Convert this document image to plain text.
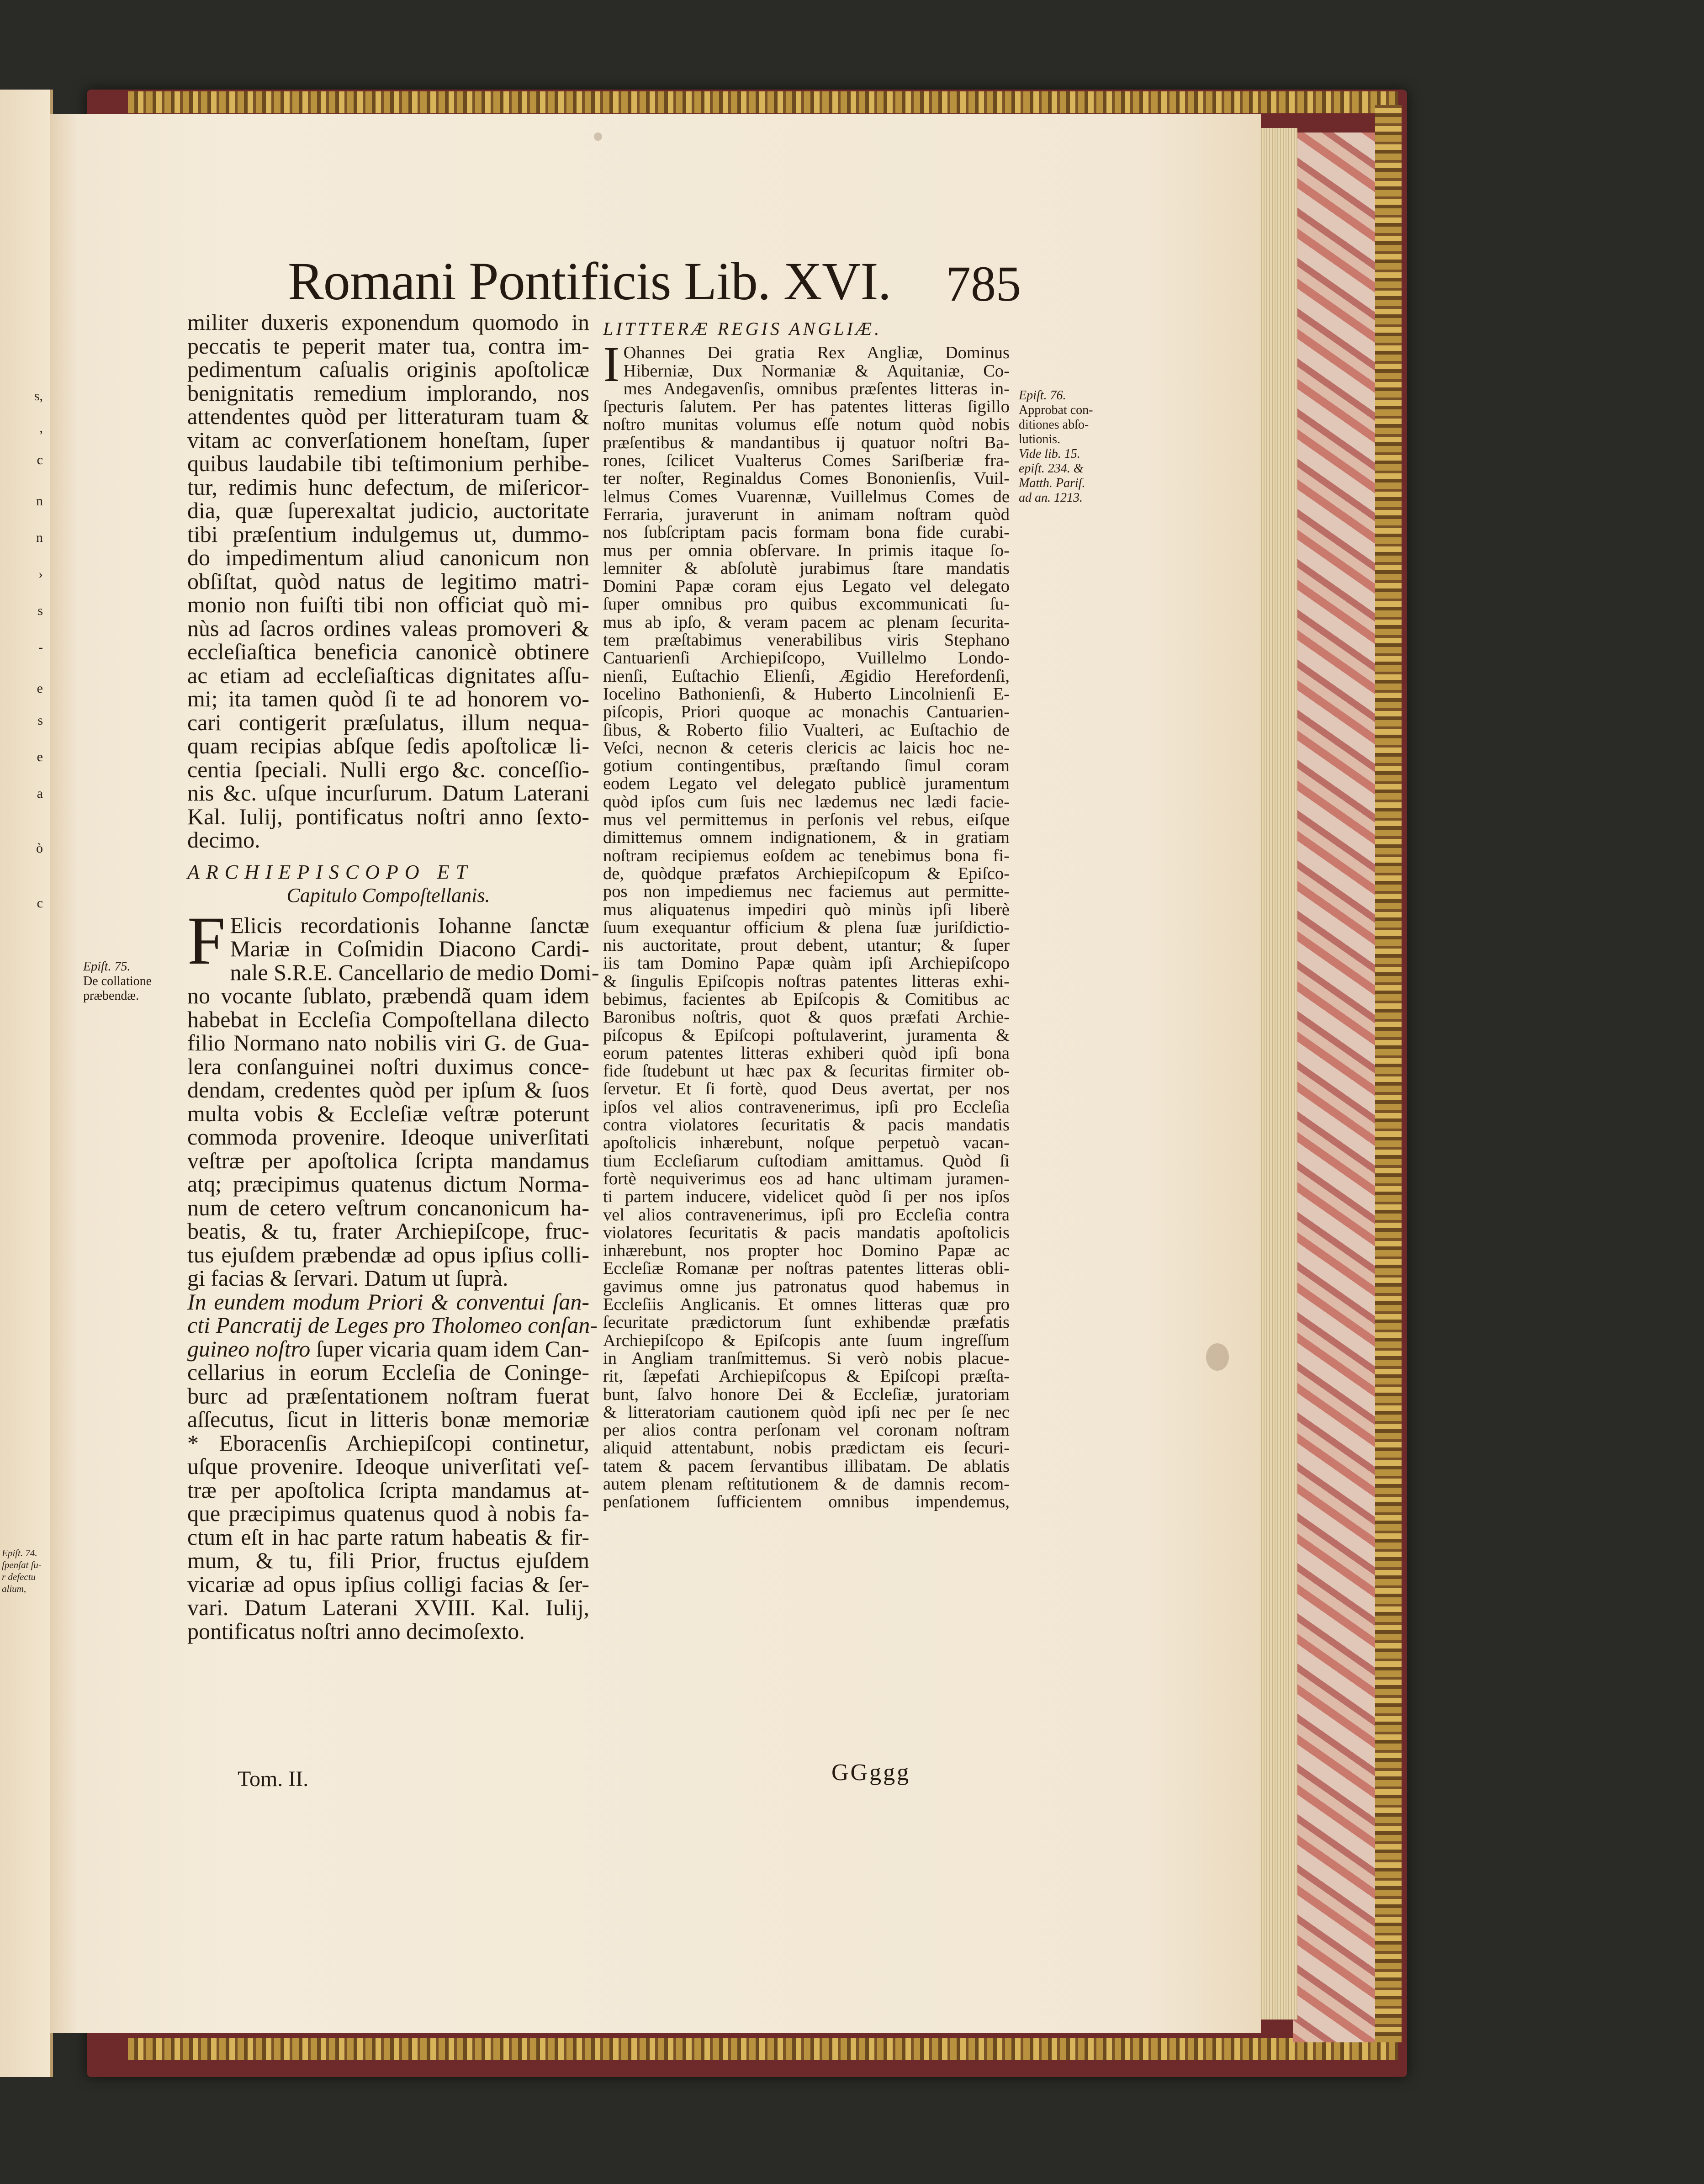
s,
,
c
n
n
›
s
-
e
s
e
a
ò
c
Epiſt. 74.
ſpenſat ſu-
r defectu
alium,
Romani Pontificis Lib. XVI. 785
militer duxeris exponendum quomodo in
peccatis te peperit mater tua, contra im-
pedimentum caſualis originis apoſtolicæ
benignitatis remedium implorando, nos
attendentes quòd per litteraturam tuam &
vitam ac converſationem honeſtam, ſuper
quibus laudabile tibi teſtimonium perhibe-
tur, redimis hunc defectum, de miſericor-
dia, quæ ſuperexaltat judicio, auctoritate
tibi præſentium indulgemus ut, dummo-
do impedimentum aliud canonicum non
obſiſtat, quòd natus de legitimo matri-
monio non fuiſti tibi non officiat quò mi-
nùs ad ſacros ordines valeas promoveri &
eccleſiaſtica beneficia canonicè obtinere
ac etiam ad eccleſiaſticas dignitates aſſu-
mi; ita tamen quòd ſi te ad honorem vo-
cari contigerit præſulatus, illum nequa-
quam recipias abſque ſedis apoſtolicæ li-
centia ſpeciali. Nulli ergo &c. conceſſio-
nis &c. uſque incurſurum. Datum Laterani
Kal. Iulij, pontificatus noſtri anno ſexto-
decimo.
ARCHIEPISCOPO ET
Capitulo Compoſtellanis.
F Elicis recordationis Iohanne ſanctæ
Mariæ in Coſmidin Diacono Cardi-
nale S.R.E. Cancellario de medio Domi-
no vocante ſublato, præbendã quam idem
habebat in Eccleſia Compoſtellana dilecto
filio Normano nato nobilis viri G. de Gua-
lera conſanguinei noſtri duximus conce-
dendam, credentes quòd per ipſum & ſuos
multa vobis & Eccleſiæ veſtræ poterunt
commoda provenire. Ideoque univerſitati
veſtræ per apoſtolica ſcripta mandamus
atq; præcipimus quatenus dictum Norma-
num de cetero veſtrum concanonicum ha-
beatis, & tu, frater Archiepiſcope, fruc-
tus ejuſdem præbendæ ad opus ipſius colli-
gi facias & ſervari. Datum ut ſuprà.
In eundem modum Priori & conventui ſan-
cti Pancratij de Leges pro Tholomeo conſan-
guineo noſtro ſuper vicaria quam idem Can-
cellarius in eorum Eccleſia de Coninge-
burc ad præſentationem noſtram fuerat
aſſecutus, ſicut in litteris bonæ memoriæ
* Eboracenſis Archiepiſcopi continetur,
uſque provenire. Ideoque univerſitati veſ-
træ per apoſtolica ſcripta mandamus at-
que præcipimus quatenus quod à nobis fa-
ctum eſt in hac parte ratum habeatis & fir-
mum, & tu, fili Prior, fructus ejuſdem
vicariæ ad opus ipſius colligi facias & ſer-
vari. Datum Laterani XVIII. Kal. Iulij,
pontificatus noſtri anno decimoſexto.
Epiſt. 75.
De collatione
præbendæ.
LITTTERÆ REGIS ANGLIÆ.
I Ohannes Dei gratia Rex Angliæ, Dominus
Hiberniæ, Dux Normaniæ & Aquitaniæ, Co-
mes Andegavenſis, omnibus præſentes litteras in-
ſpecturis ſalutem. Per has patentes litteras ſigillo
noſtro munitas volumus eſſe notum quòd nobis
præſentibus & mandantibus ij quatuor noſtri Ba-
rones, ſcilicet Vualterus Comes Sariſberiæ fra-
ter noſter, Reginaldus Comes Bononienſis, Vuil-
lelmus Comes Vuarennæ, Vuillelmus Comes de
Ferraria, juraverunt in animam noſtram quòd
nos ſubſcriptam pacis formam bona fide curabi-
mus per omnia obſervare. In primis itaque ſo-
lemniter & abſolutè jurabimus ſtare mandatis
Domini Papæ coram ejus Legato vel delegato
ſuper omnibus pro quibus excommunicati ſu-
mus ab ipſo, & veram pacem ac plenam ſecurita-
tem præſtabimus venerabilibus viris Stephano
Cantuarienſi Archiepiſcopo, Vuillelmo Londo-
nienſi, Euſtachio Elienſi, Ægidio Herefordenſi,
Iocelino Bathonienſi, & Huberto Lincolnienſi E-
piſcopis, Priori quoque ac monachis Cantuarien-
ſibus, & Roberto filio Vualteri, ac Euſtachio de
Veſci, necnon & ceteris clericis ac laicis hoc ne-
gotium contingentibus, præſtando ſimul coram
eodem Legato vel delegato publicè juramentum
quòd ipſos cum ſuis nec lædemus nec lædi facie-
mus vel permittemus in perſonis vel rebus, eiſque
dimittemus omnem indignationem, & in gratiam
noſtram recipiemus eoſdem ac tenebimus bona fi-
de, quòdque præfatos Archiepiſcopum & Epiſco-
pos non impediemus nec faciemus aut permitte-
mus aliquatenus impediri quò minùs ipſi liberè
ſuum exequantur officium & plena ſuæ juriſdictio-
nis auctoritate, prout debent, utantur; & ſuper
iis tam Domino Papæ quàm ipſi Archiepiſcopo
& ſingulis Epiſcopis noſtras patentes litteras exhi-
bebimus, facientes ab Epiſcopis & Comitibus ac
Baronibus noſtris, quot & quos præfati Archie-
piſcopus & Epiſcopi poſtulaverint, juramenta &
eorum patentes litteras exhiberi quòd ipſi bona
fide ſtudebunt ut hæc pax & ſecuritas firmiter ob-
ſervetur. Et ſi fortè, quod Deus avertat, per nos
ipſos vel alios contravenerimus, ipſi pro Eccleſia
contra violatores ſecuritatis & pacis mandatis
apoſtolicis inhærebunt, noſque perpetuò vacan-
tium Eccleſiarum cuſtodiam amittamus. Quòd ſi
fortè nequiverimus eos ad hanc ultimam juramen-
ti partem inducere, videlicet quòd ſi per nos ipſos
vel alios contravenerimus, ipſi pro Eccleſia contra
violatores ſecuritatis & pacis mandatis apoſtolicis
inhærebunt, nos propter hoc Domino Papæ ac
Eccleſiæ Romanæ per noſtras patentes litteras obli-
gavimus omne jus patronatus quod habemus in
Eccleſiis Anglicanis. Et omnes litteras quæ pro
ſecuritate prædictorum ſunt exhibendæ præfatis
Archiepiſcopo & Epiſcopis ante ſuum ingreſſum
in Angliam tranſmittemus. Si verò nobis placue-
rit, ſæpefati Archiepiſcopus & Epiſcopi præſta-
bunt, ſalvo honore Dei & Eccleſiæ, juratoriam
& litteratoriam cautionem quòd ipſi nec per ſe nec
per alios contra perſonam vel coronam noſtram
aliquid attentabunt, nobis prædictam eis ſecuri-
tatem & pacem ſervantibus illibatam. De ablatis
autem plenam reſtitutionem & de damnis recom-
penſationem ſufficientem omnibus impendemus,
Epiſt. 76.
Approbat con-
ditiones abſo-
lutionis.
Vide lib. 15.
epiſt. 234. &
Matth. Pariſ.
ad an. 1213.
Tom. II.	GGggg
